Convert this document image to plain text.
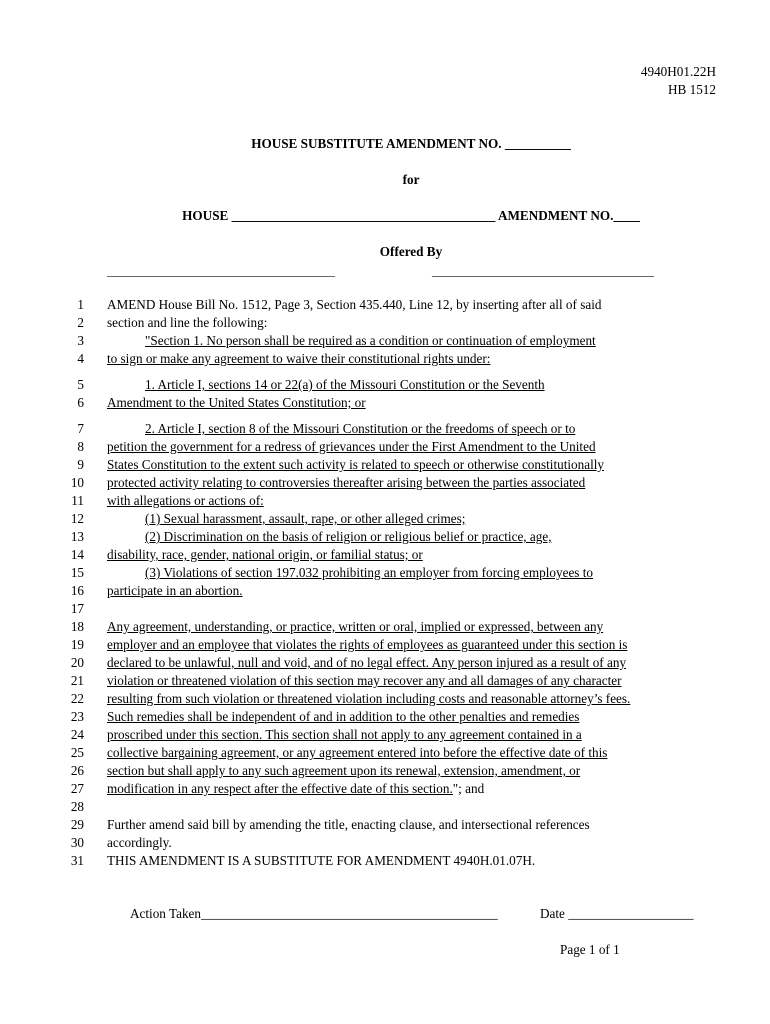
4940H01.22H
HB 1512
HOUSE SUBSTITUTE AMENDMENT NO. __________
for
HOUSE ________________________________________ AMENDMENT NO.____
Offered By
______________________________________	_____________________________________
1 AMEND House Bill No. 1512, Page 3, Section 435.440, Line 12, by inserting after all of said
2 section and line the following:
3	"Section 1. No person shall be required as a condition or continuation of employment
4 to sign or make any agreement to waive their constitutional rights under:
5	1. Article I, sections 14 or 22(a) of the Missouri Constitution or the Seventh
6 Amendment to the United States Constitution; or
7	2. Article I, section 8 of the Missouri Constitution or the freedoms of speech or to
8 petition the government for a redress of grievances under the First Amendment to the United
9 States Constitution to the extent such activity is related to speech or otherwise constitutionally
10 protected activity relating to controversies thereafter arising between the parties associated
11 with allegations or actions of:
12	(1) Sexual harassment, assault, rape, or other alleged crimes;
13	(2) Discrimination on the basis of religion or religious belief or practice, age,
14 disability, race, gender, national origin, or familial status; or
15	(3) Violations of section 197.032 prohibiting an employer from forcing employees to
16 participate in an abortion.
17
18 Any agreement, understanding, or practice, written or oral, implied or expressed, between any
19 employer and an employee that violates the rights of employees as guaranteed under this section is
20 declared to be unlawful, null and void, and of no legal effect. Any person injured as a result of any
21 violation or threatened violation of this section may recover any and all damages of any character
22 resulting from such violation or threatened violation including costs and reasonable attorney’s fees.
23 Such remedies shall be independent of and in addition to the other penalties and remedies
24 proscribed under this section. This section shall not apply to any agreement contained in a
25 collective bargaining agreement, or any agreement entered into before the effective date of this
26 section but shall apply to any such agreement upon its renewal, extension, amendment, or
27 modification in any respect after the effective date of this section."; and
28
29 Further amend said bill by amending the title, enacting clause, and intersectional references
30 accordingly.
31 THIS AMENDMENT IS A SUBSTITUTE FOR AMENDMENT 4940H.01.07H.
Action Taken_____________________________________________	Date ___________________
Page 1 of 1
